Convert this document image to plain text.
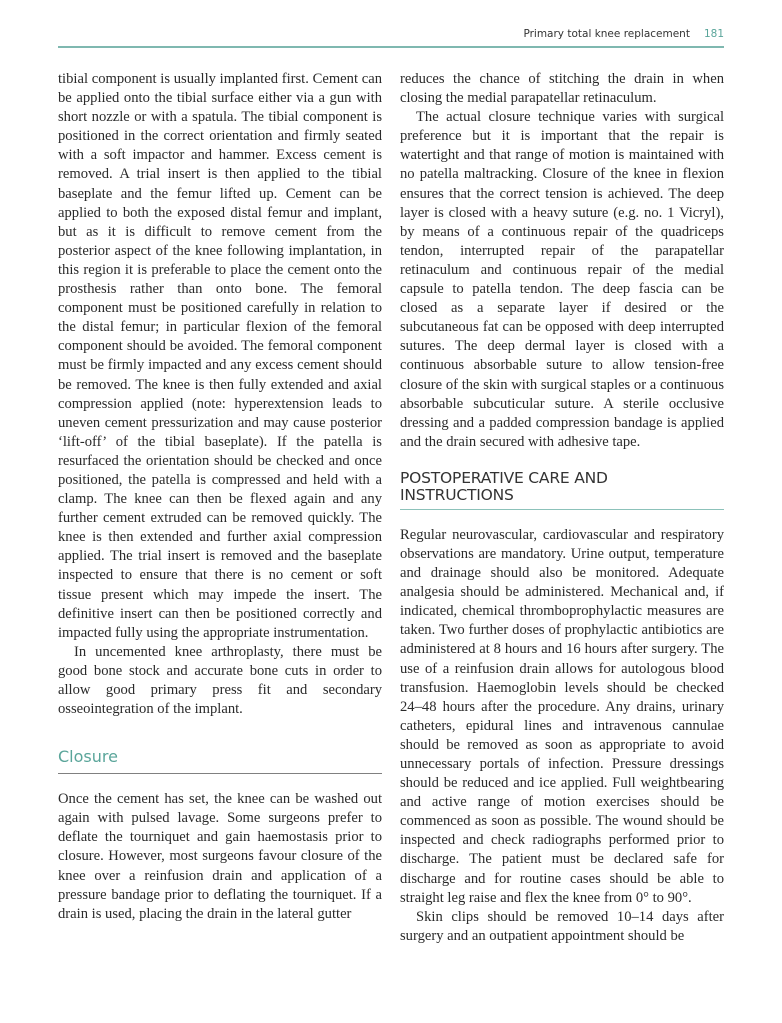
Primary total knee replacement 181

tibial component is usually implanted first. Cement can be applied onto the tibial surface either via a gun with short nozzle or with a spatula. The tibial component is positioned in the correct orientation and firmly seated with a soft impactor and hammer. Excess cement is removed. A trial insert is then applied to the tibial baseplate and the femur lifted up. Cement can be applied to both the exposed distal femur and implant, but as it is difficult to remove cement from the posterior aspect of the knee following implantation, in this region it is preferable to place the cement onto the prosthesis rather than onto bone. The femoral component must be positioned carefully in relation to the distal femur; in particular flexion of the femoral component should be avoided. The femoral component must be firmly impacted and any excess cement should be removed. The knee is then fully extended and axial compression applied (note: hyperextension leads to uneven cement pressurization and may cause posterior ‘lift-off’ of the tibial baseplate). If the patella is resurfaced the orientation should be checked and once positioned, the patella is compressed and held with a clamp. The knee can then be flexed again and any further cement extruded can be removed quickly. The knee is then extended and further axial compression applied. The trial insert is removed and the baseplate inspected to ensure that there is no cement or soft tissue present which may impede the insert. The definitive insert can then be positioned correctly and impacted fully using the appropriate instrumentation.

In uncemented knee arthroplasty, there must be good bone stock and accurate bone cuts in order to allow good primary press fit and secondary osseointegration of the implant.

Closure

Once the cement has set, the knee can be washed out again with pulsed lavage. Some surgeons prefer to deflate the tourniquet and gain haemostasis prior to closure. However, most surgeons favour closure of the knee over a reinfusion drain and application of a pressure bandage prior to deflating the tourniquet. If a drain is used, placing the drain in the lateral gutter

reduces the chance of stitching the drain in when closing the medial parapatellar retinaculum.

The actual closure technique varies with surgical preference but it is important that the repair is watertight and that range of motion is maintained with no patella maltracking. Closure of the knee in flexion ensures that the correct tension is achieved. The deep layer is closed with a heavy suture (e.g. no. 1 Vicryl), by means of a continuous repair of the quadriceps tendon, interrupted repair of the parapatellar retinaculum and continuous repair of the medial capsule to patella tendon. The deep fascia can be closed as a separate layer if desired or the subcutaneous fat can be opposed with deep interrupted sutures. The deep dermal layer is closed with a continuous absorbable suture to allow tension-free closure of the skin with surgical staples or a continuous absorbable subcuticular suture. A sterile occlusive dressing and a padded compression bandage is applied and the drain secured with adhesive tape.

POSTOPERATIVE CARE AND INSTRUCTIONS

Regular neurovascular, cardiovascular and respiratory observations are mandatory. Urine output, temperature and drainage should also be monitored. Adequate analgesia should be administered. Mechanical and, if indicated, chemical thromboprophylactic measures are taken. Two further doses of prophylactic antibiotics are administered at 8 hours and 16 hours after surgery. The use of a reinfusion drain allows for autologous blood transfusion. Haemoglobin levels should be checked 24–48 hours after the procedure. Any drains, urinary catheters, epidural lines and intravenous cannulae should be removed as soon as appropriate to avoid unnecessary portals of infection. Pressure dressings should be reduced and ice applied. Full weightbearing and active range of motion exercises should be commenced as soon as possible. The wound should be inspected and check radiographs performed prior to discharge. The patient must be declared safe for discharge and for routine cases should be able to straight leg raise and flex the knee from 0° to 90°.

Skin clips should be removed 10–14 days after surgery and an outpatient appointment should be
